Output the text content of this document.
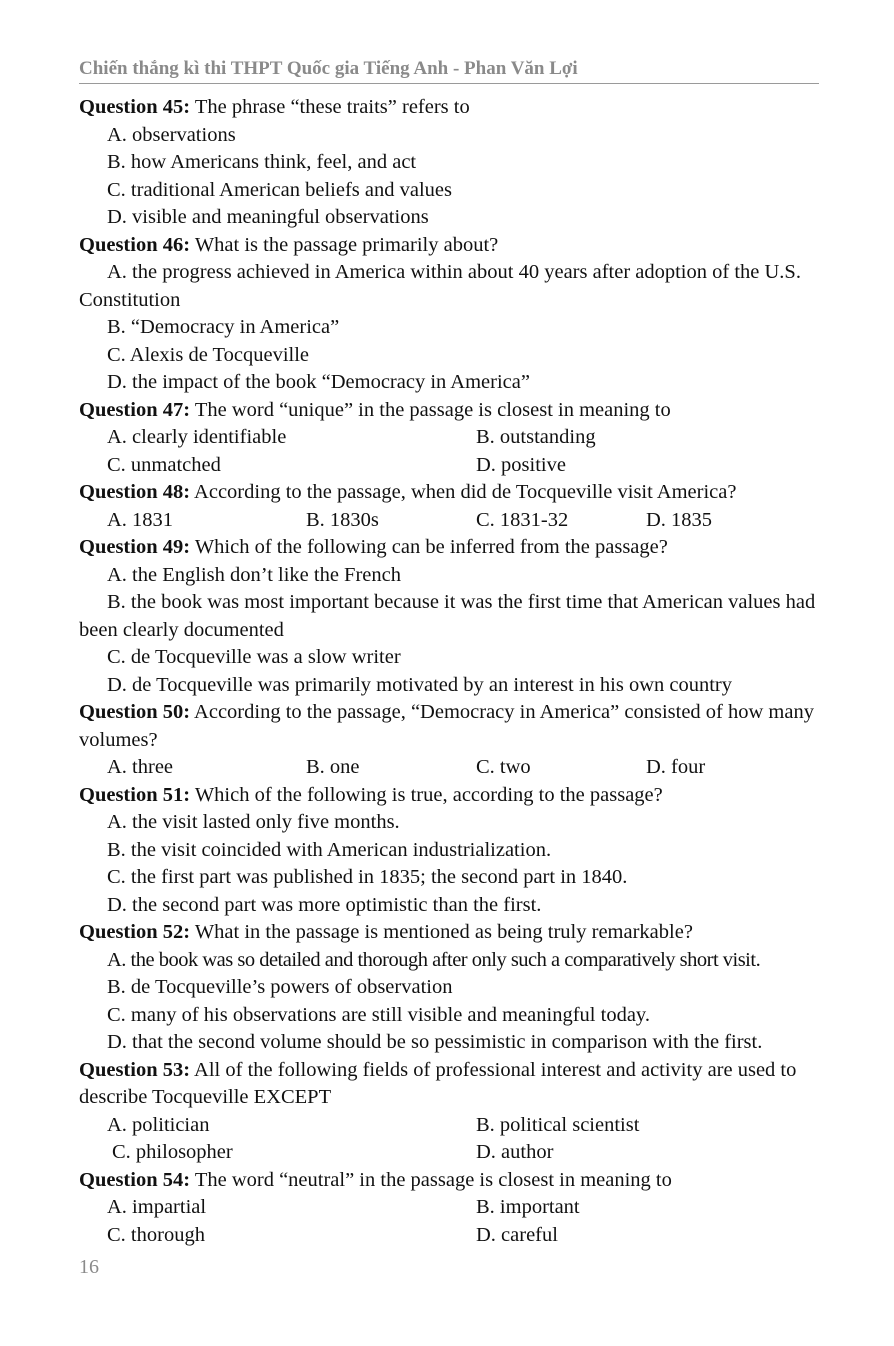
Chiến thắng kì thi THPT Quốc gia Tiếng Anh - Phan Văn Lợi
Question 45: The phrase “these traits” refers to
A. observations
B. how Americans think, feel, and act
C. traditional American beliefs and values
D. visible and meaningful observations
Question 46: What is the passage primarily about?
A. the progress achieved in America within about 40 years after adoption of the U.S. Constitution
B. “Democracy in America”
C. Alexis de Tocqueville
D. the impact of the book “Democracy in America”
Question 47: The word “unique” in the passage is closest in meaning to
A. clearly identifiable	B. outstanding
C. unmatched	D. positive
Question 48: According to the passage, when did de Tocqueville visit America?
A. 1831	B. 1830s	C. 1831-32	D. 1835
Question 49: Which of the following can be inferred from the passage?
A. the English don’t like the French
B. the book was most important because it was the first time that American values had been clearly documented
C. de Tocqueville was a slow writer
D. de Tocqueville was primarily motivated by an interest in his own country
Question 50: According to the passage, “Democracy in America” consisted of how many volumes?
A. three	B. one	C. two	D. four
Question 51: Which of the following is true, according to the passage?
A. the visit lasted only five months.
B. the visit coincided with American industrialization.
C. the first part was published in 1835; the second part in 1840.
D. the second part was more optimistic than the first.
Question 52: What in the passage is mentioned as being truly remarkable?
A. the book was so detailed and thorough after only such a comparatively short visit.
B. de Tocqueville’s powers of observation
C. many of his observations are still visible and meaningful today.
D. that the second volume should be so pessimistic in comparison with the first.
Question 53: All of the following fields of professional interest and activity are used to describe Tocqueville EXCEPT
A. politician	B. political scientist
C. philosopher	D. author
Question 54: The word “neutral” in the passage is closest in meaning to
A. impartial	B. important
C. thorough	D. careful
16
